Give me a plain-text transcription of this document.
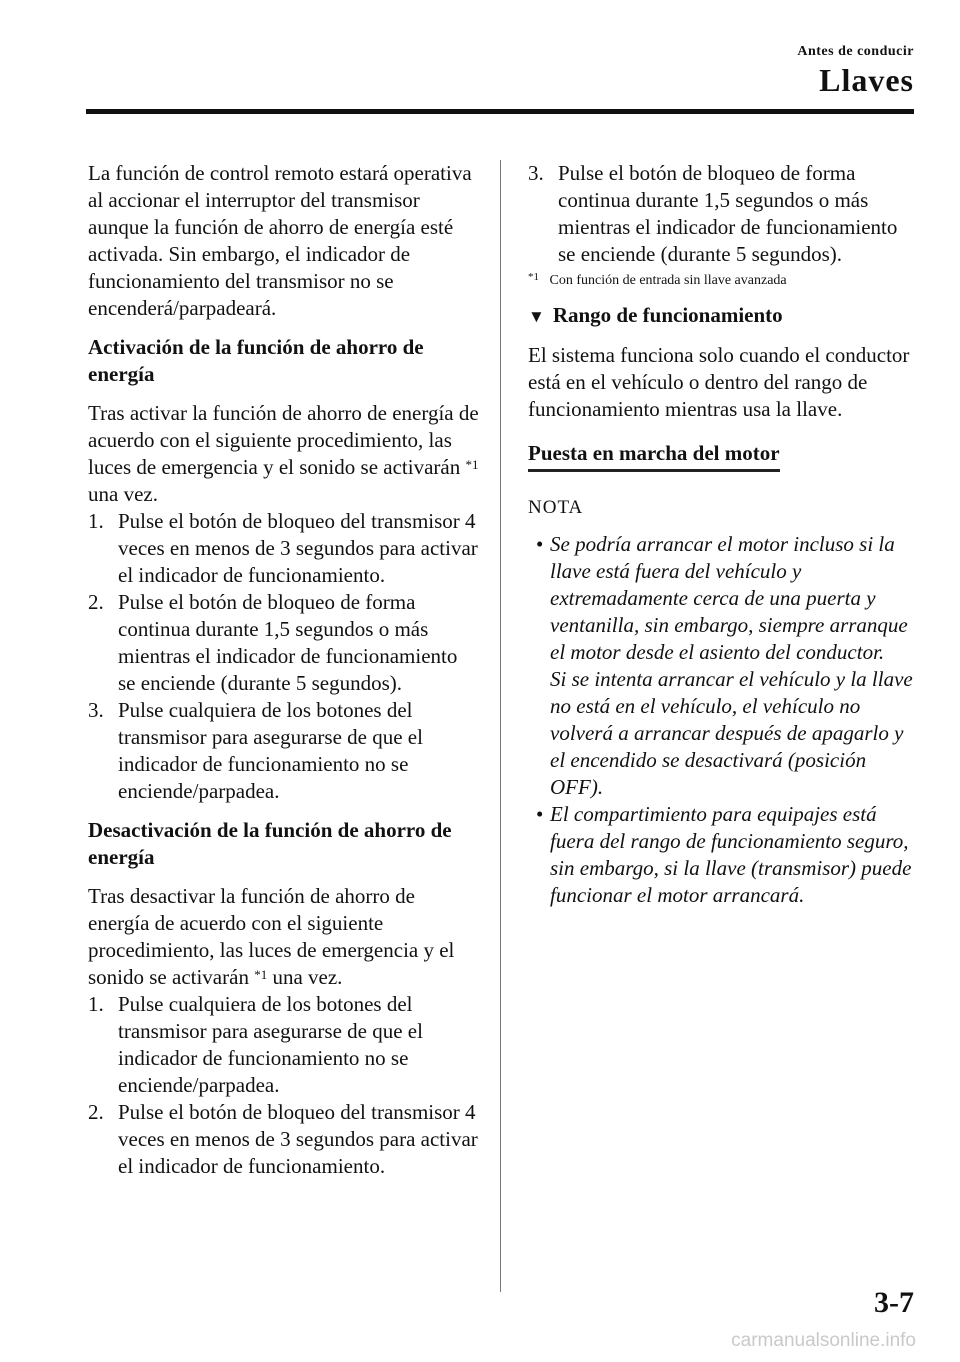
Antes de conducir
Llaves

La función de control remoto estará operativa al accionar el interruptor del transmisor aunque la función de ahorro de energía esté activada. Sin embargo, el indicador de funcionamiento del transmisor no se encenderá/parpadeará.

Activación de la función de ahorro de energía

Tras activar la función de ahorro de energía de acuerdo con el siguiente procedimiento, las luces de emergencia y el sonido se activarán $^{*1}$ una vez.

1. Pulse el botón de bloqueo del transmisor 4 veces en menos de 3 segundos para activar el indicador de funcionamiento.
2. Pulse el botón de bloqueo de forma continua durante 1,5 segundos o más mientras el indicador de funcionamiento se enciende (durante 5 segundos).
3. Pulse cualquiera de los botones del transmisor para asegurarse de que el indicador de funcionamiento no se enciende/parpadea.

Desactivación de la función de ahorro de energía

Tras desactivar la función de ahorro de energía de acuerdo con el siguiente procedimiento, las luces de emergencia y el sonido se activarán $^{*1}$ una vez.

1. Pulse cualquiera de los botones del transmisor para asegurarse de que el indicador de funcionamiento no se enciende/parpadea.
2. Pulse el botón de bloqueo del transmisor 4 veces en menos de 3 segundos para activar el indicador de funcionamiento.
3. Pulse el botón de bloqueo de forma continua durante 1,5 segundos o más mientras el indicador de funcionamiento se enciende (durante 5 segundos).

$^{*1}$ Con función de entrada sin llave avanzada

▼ Rango de funcionamiento

El sistema funciona solo cuando el conductor está en el vehículo o dentro del rango de funcionamiento mientras usa la llave.

Puesta en marcha del motor

NOTA

• Se podría arrancar el motor incluso si la llave está fuera del vehículo y extremadamente cerca de una puerta y ventanilla, sin embargo, siempre arranque el motor desde el asiento del conductor.
Si se intenta arrancar el vehículo y la llave no está en el vehículo, el vehículo no volverá a arrancar después de apagarlo y el encendido se desactivará (posición OFF).
• El compartimiento para equipajes está fuera del rango de funcionamiento seguro, sin embargo, si la llave (transmisor) puede funcionar el motor arrancará.
3-7
carmanualsonline.info
